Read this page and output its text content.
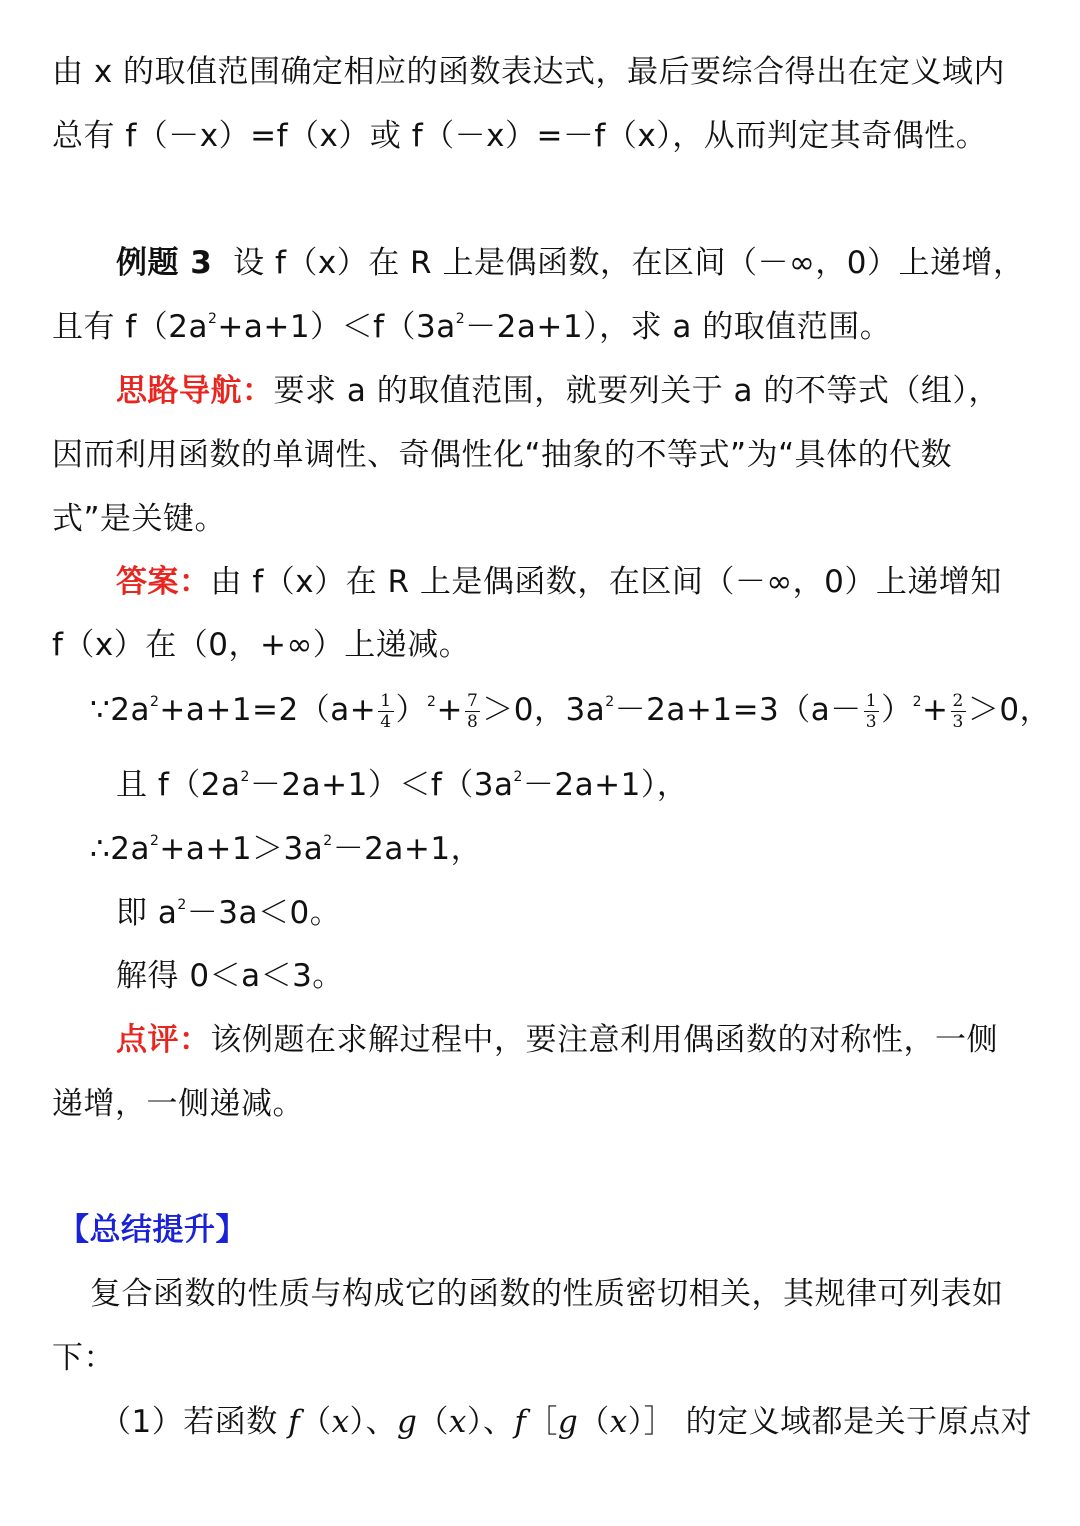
由 x 的取值范围确定相应的函数表达式，最后要综合得出在定义域内
总有 f（－x）=f（x）或 f（－x）=－f（x），从而判定其奇偶性。
例题 3 设 f（x）在 R 上是偶函数，在区间（－∞，0）上递增，
且有 $f(2a^2+a+1)<f(3a^2-2a+1)$，求 a 的取值范围。
思路导航：要求 a 的取值范围，就要列关于 a 的不等式（组），
因而利用函数的单调性、奇偶性化“抽象的不等式”为“具体的代数
式”是关键。
答案：由 f（x）在 R 上是偶函数，在区间（－∞，0）上递增知
f（x）在（0，+∞）上递减。
$\because 2a^2+a+1=2(a+ \frac{1}{4} )^2+ \frac{7}{8} >0$，$3a^2-2a+1=3(a- \frac{1}{3} )^2+ \frac{2}{3} >0$，
且 $f(2a^2-2a+1)<f(3a^2-2a+1)$，
$\therefore 2a^2+a+1>3a^2-2a+1$，
即 $a^2-3a<0$。
解得 0＜a＜3。
点评：该例题在求解过程中，要注意利用偶函数的对称性，一侧
递增，一侧递减。
【总结提升】
复合函数的性质与构成它的函数的性质密切相关，其规律可列表如
下：
（1）若函数 f（x）、g（x）、f［g（x）］ 的定义域都是关于原点对
